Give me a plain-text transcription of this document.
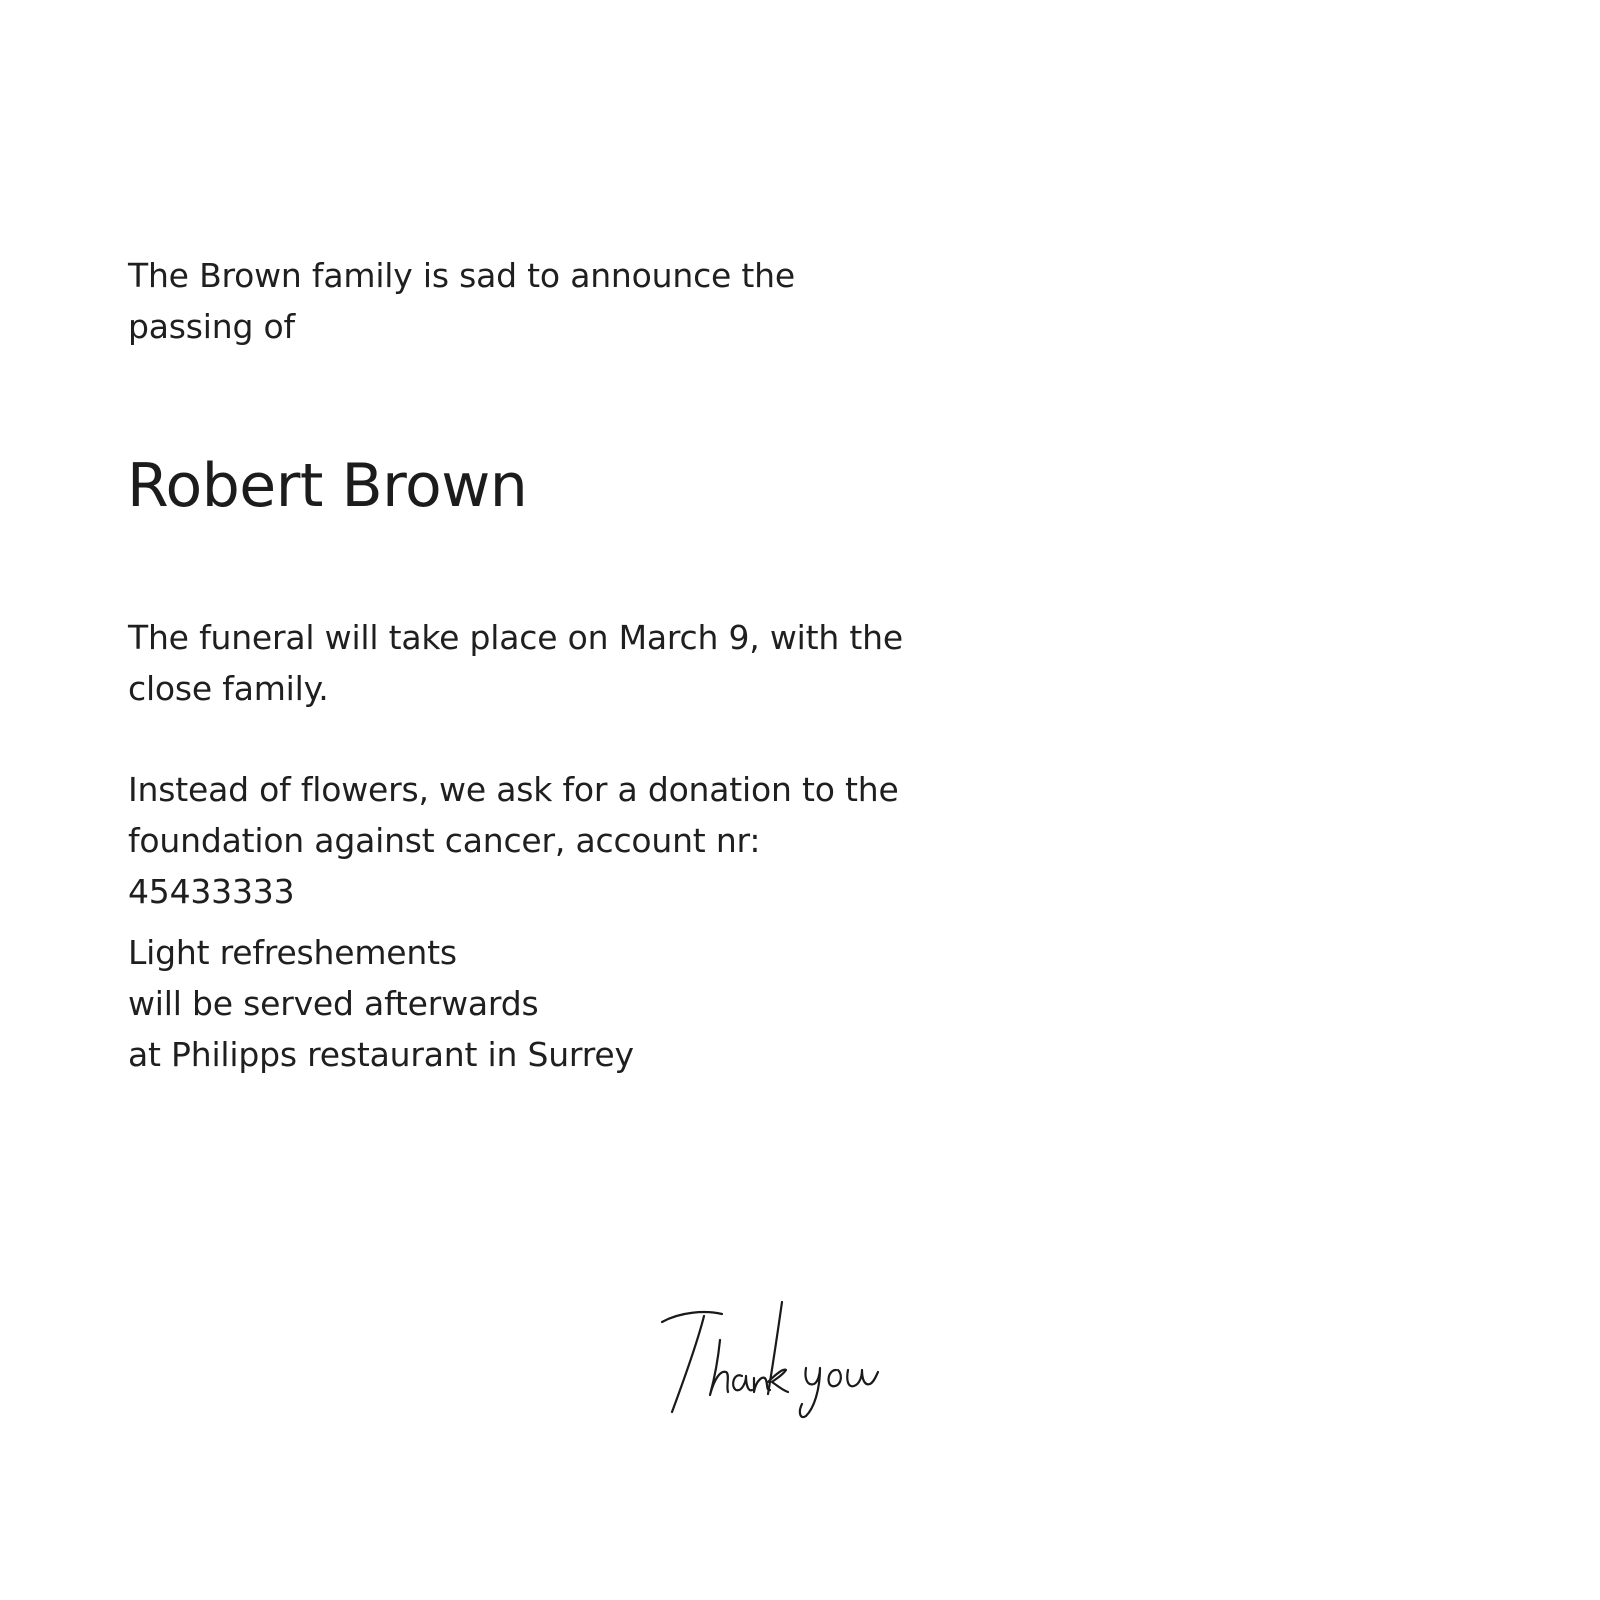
The Brown family is sad to announce the
passing of

Robert Brown

The funeral will take place on March 9, with the
close family.

Instead of flowers, we ask for a donation to the
foundation against cancer, account nr:
45433333

Light refreshements
will be served afterwards
at Philipps restaurant in Surrey
